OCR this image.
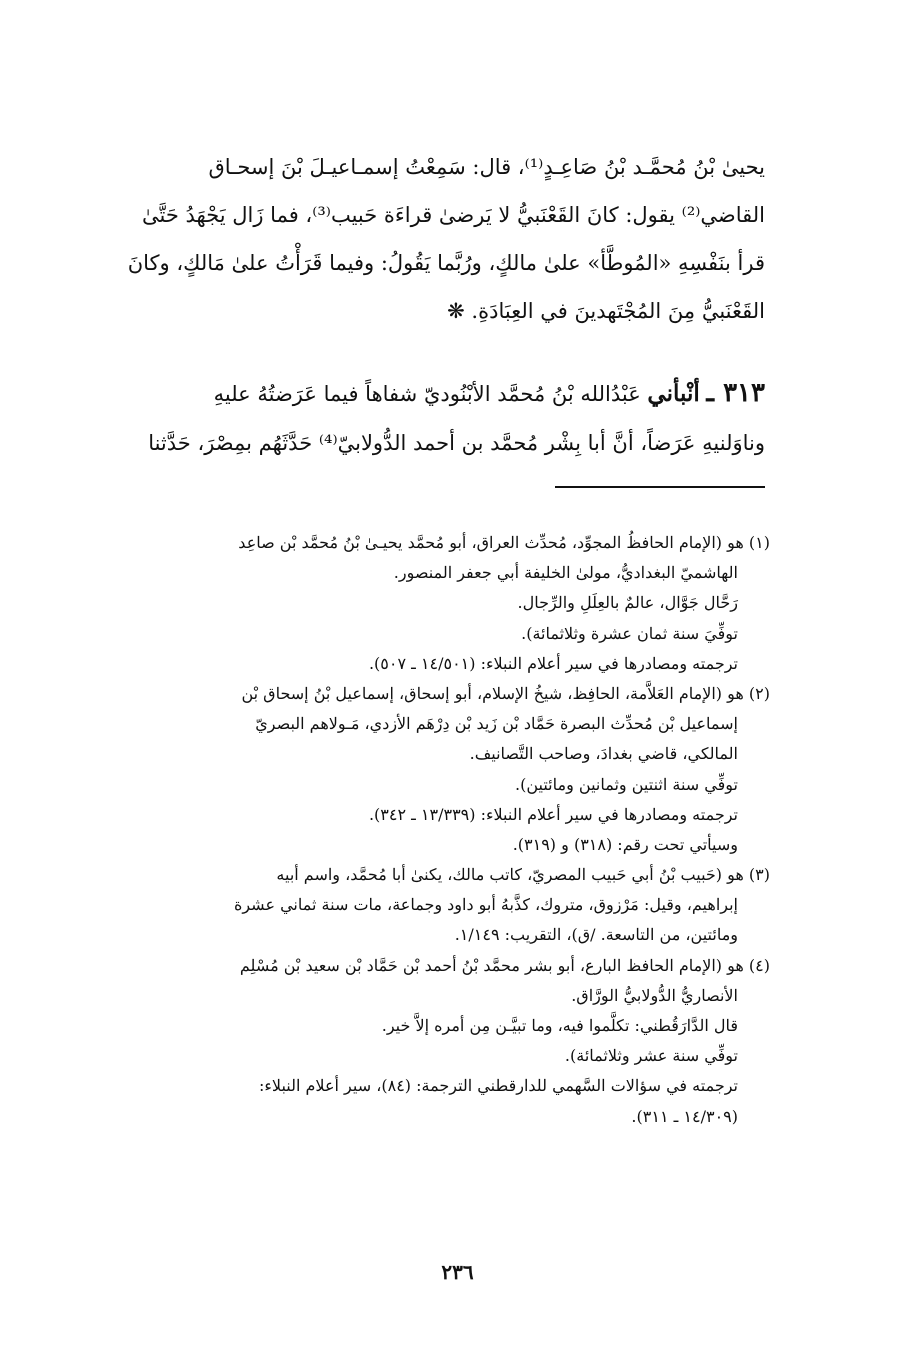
يحيىٰ بْنُ مُحمَّـد بْنُ صَاعِـدٍ⁽¹⁾، قال: سَمِعْتُ إسمـاعيـلَ بْنَ إسحـاق
القاضي⁽²⁾ يقول: كانَ القَعْنَبيُّ لا يَرضىٰ قراءَة حَبيب⁽³⁾، فما زَال يَجْهَدُ حَتَّىٰ
قرأ بنَفْسِهِ «المُوطَّأ» علىٰ مالكٍ، ورُبَّما يَقُولُ: وفيما قَرَأْتُ علىٰ مَالكٍ، وكانَ
القَعْنَبيُّ مِنَ المُجْتَهدينَ في العِبَادَةِ. ❋
٣١٣ ـ أنْبأني عَبْدُالله بْنُ مُحمَّد الأبْنُوديّ شفاهاً فيما عَرَضتُهُ عليهِ
وناوَلنيهِ عَرَضاً، أنَّ أبا بِشْر مُحمَّد بن أحمد الدُّولابيّ⁽⁴⁾ حَدَّثَهُم بمِصْرَ، حَدَّثنا
(١) هو (الإمام الحافظُ المجوِّد، مُحدِّث العراق، أبو مُحمَّد يحيـىٰ بْنُ مُحمَّد بْن صاعِد
الهاشميّ البغداديُّ، مولىٰ الخليفة أبي جعفر المنصور.
رَحَّال جَوَّال، عالمٌ بالعِلَلِ والرِّجال.
توفِّيَ سنة ثمان عشرة وثلاثمائة).
ترجمته ومصادرها في سير أعلام النبلاء: (١٤/٥٠١ ـ ٥٠٧).
(٢) هو (الإمام العَلاَّمة، الحافِظ، شيخُ الإسلام، أبو إسحاق، إسماعيل بْنُ إسحاق بْن
إسماعيل بْن مُحدِّث البصرة حَمَّاد بْن زَيد بْن دِرْهَم الأزدي، مَـولاهم البصريّ
المالكي، قاضي بغدادَ، وصاحب التَّصانيف.
توفِّي سنة اثنتين وثمانين ومائتين).
ترجمته ومصادرها في سير أعلام النبلاء: (١٣/٣٣٩ ـ ٣٤٢).
وسيأتي تحت رقم: (٣١٨) و (٣١٩).
(٣) هو (حَبيب بْنُ أبي حَبيب المصريّ، كاتب مالك، يكنىٰ أبا مُحمَّد، واسم أبيه
إبراهيم، وقيل: مَرْزوق، متروك، كذَّبهُ أبو داود وجماعة، مات سنة ثماني عشرة
ومائتين، من التاسعة. /ق)، التقريب: ١/١٤٩.
(٤) هو (الإمام الحافظ البارع، أبو بشر محمَّد بْنُ أحمد بْن حَمَّاد بْن سعيد بْن مُسْلِم
الأنصاريُّ الدُّولابيُّ الورَّاق.
قال الدَّارَقُطني: تكلَّموا فيه، وما تبيَّـن مِن أمره إلاَّ خير.
توفِّي سنة عشر وثلاثمائة).
ترجمته في سؤالات السَّهمي للدارقطني الترجمة: (٨٤)، سير أعلام النبلاء:
(١٤/٣٠٩ ـ ٣١١).
٢٣٦
